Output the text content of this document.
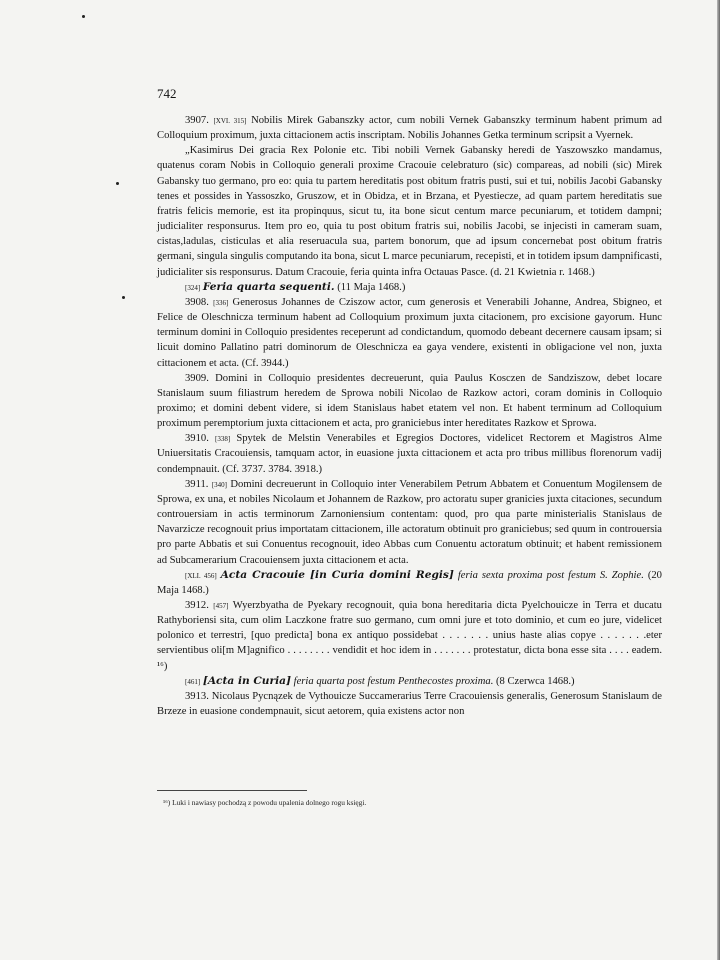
742

3907. [XVI. 315] Nobilis Mirek Gabanszky actor, cum nobili Vernek Gabanszky terminum habent primum ad Colloquium proximum, juxta cittacionem actis inscriptam. Nobilis Johannes Getka terminum scripsit a Vyernek.

„Kasimirus Dei gracia Rex Polonie etc. Tibi nobili Vernek Gabansky heredi de Yaszowszko mandamus, quatenus coram Nobis in Colloquio generali proxime Cracouie celebraturo (sic) compareas, ad nobili (sic) Mirek Gabansky tuo germano, pro eo: quia tu partem hereditatis post obitum fratris pusti, sui et tui, nobilis Jacobi Gabansky tenes et possides in Yassoszko, Gruszow, et in Obidza, et in Brzana, et Pyestiecze, ad quam partem hereditatis sue fratris felicis memorie, est ita propinquus, sicut tu, ita bone sicut centum marce pecuniarum, et totidem dampni; judicialiter responsurus. Item pro eo, quia tu post obitum fratris sui, nobilis Jacobi, se injecisti in cameram suam, cistas,ladulas, cisticulas et alia reseruacula sua, partem bonorum, que ad ipsum concernebat post obitum fratris germani, singula singulis computando ita bona, sicut L marce pecuniarum, recepisti, et in totidem ipsum dampnificasti, judicialiter sis responsurus. Datum Cracouie, feria quinta infra Octauas Pasce. (d. 21 Kwietnia r. 1468.)

[324] Feria quarta sequenti. (11 Maja 1468.)

3908. [336] Generosus Johannes de Cziszow actor, cum generosis et Venerabili Johanne, Andrea, Sbigneo, et Felice de Oleschnicza terminum habent ad Colloquium proximum juxta citacionem, pro excisione gayorum. Hunc terminum domini in Colloquio presidentes receperunt ad condictandum, quomodo debeant decernere causam ipsam; si licuit domino Pallatino patri dominorum de Oleschnicza ea gaya vendere, existenti in obligacione vel non, juxta cittacionem et acta. (Cf. 3944.)

3909. Domini in Colloquio presidentes decreuerunt, quia Paulus Kosczen de Sandziszow, debet locare Stanislaum suum filiastrum heredem de Sprowa nobili Nicolao de Razkow actori, coram dominis in Colloquio proximo; et domini debent videre, si idem Stanislaus habet etatem vel non. Et habent terminum ad Colloquium proximum peremptorium juxta cittacionem et acta, pro graniciebus inter hereditates Razkow et Sprowa.

3910. [338] Spytek de Melstin Venerabiles et Egregios Doctores, videlicet Rectorem et Magistros Alme Uniuersitatis Cracouiensis, tamquam actor, in euasione juxta cittacionem et acta pro tribus millibus florenorum vadij condempnauit. (Cf. 3737. 3784. 3918.)

3911. [340] Domini decreuerunt in Colloquio inter Venerabilem Petrum Abbatem et Conuentum Mogilensem de Sprowa, ex una, et nobiles Nicolaum et Johannem de Razkow, pro actoratu super granicies juxta citaciones, secundum controuersiam in actis terminorum Zarnoniensium contentam: quod, pro qua parte ministerialis Stanislaus de Navarzicze recognouit prius importatam cittacionem, ille actoratum obtinuit pro graniciebus; sed quum in controuersia pro parte Abbatis et sui Conuentus recognouit, ideo Abbas cum Conuentu actoratum obtinuit; et habent remissionem ad Subcamerarium Cracouiensem juxta cittacionem et acta.

[XLI. 456] Acta Cracouie [in Curia domini Regis] feria sexta proxima post festum S. Zophie. (20 Maja 1468.)

3912. [457] Wyerzbyatha de Pyekary recognouit, quia bona hereditaria dicta Pyelchouicze in Terra et ducatu Rathyboriensi sita, cum olim Laczkone fratre suo germano, cum omni jure et toto dominio, et cum eo jure, videlicet polonico et terrestri, [quo predicta] bona ex antiquo possidebat . . . . . . . unius haste alias copye . . . . . . .eter servientibus oli[m M]agnifico . . . . . . . . vendidit et hoc idem in . . . . . . . protestatur, dicta bona esse sita . . . . eadem. ¹⁶)

[461] [Acta in Curia] feria quarta post festum Penthecostes proxima. (8 Czerwca 1468.)

3913. Nicolaus Pycnązek de Vythouicze Succamerarius Terre Cracouiensis generalis, Generosum Stanislaum de Brzeze in euasione condempnauit, sicut aetorem, quia existens actor non

¹⁶) Luki i nawiasy pochodzą z powodu upalenia dolnego rogu księgi.
